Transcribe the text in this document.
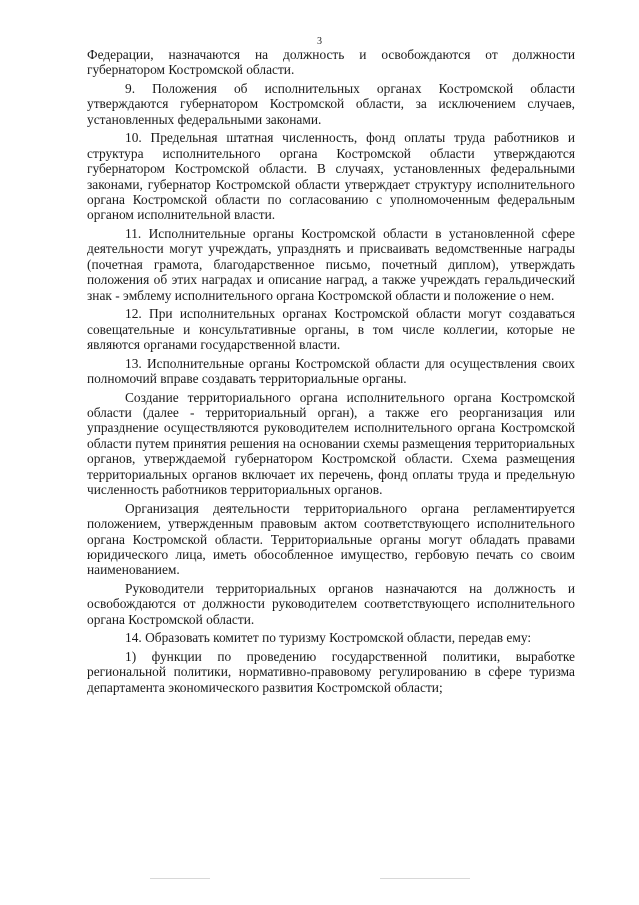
3

Федерации, назначаются на должность и освобождаются от должности губернатором Костромской области.

9. Положения об исполнительных органах Костромской области утверждаются губернатором Костромской области, за исключением случаев, установленных федеральными законами.

10. Предельная штатная численность, фонд оплаты труда работников и структура исполнительного органа Костромской области утверждаются губернатором Костромской области. В случаях, установленных федеральными законами, губернатор Костромской области утверждает структуру исполнительного органа Костромской области по согласованию с уполномоченным федеральным органом исполнительной власти.

11. Исполнительные органы Костромской области в установленной сфере деятельности могут учреждать, упразднять и присваивать ведомственные награды (почетная грамота, благодарственное письмо, почетный диплом), утверждать положения об этих наградах и описание наград, а также учреждать геральдический знак - эмблему исполнительного органа Костромской области и положение о нем.

12. При исполнительных органах Костромской области могут создаваться совещательные и консультативные органы, в том числе коллегии, которые не являются органами государственной власти.

13. Исполнительные органы Костромской области для осуществления своих полномочий вправе создавать территориальные органы.

Создание территориального органа исполнительного органа Костромской области (далее - территориальный орган), а также его реорганизация или упразднение осуществляются руководителем исполнительного органа Костромской области путем принятия решения на основании схемы размещения территориальных органов, утверждаемой губернатором Костромской области. Схема размещения территориальных органов включает их перечень, фонд оплаты труда и предельную численность работников территориальных органов.

Организация деятельности территориального органа регламентируется положением, утвержденным правовым актом соответствующего исполнительного органа Костромской области. Территориальные органы могут обладать правами юридического лица, иметь обособленное имущество, гербовую печать со своим наименованием.

Руководители территориальных органов назначаются на должность и освобождаются от должности руководителем соответствующего исполнительного органа Костромской области.

14. Образовать комитет по туризму Костромской области, передав ему:

1) функции по проведению государственной политики, выработке региональной политики, нормативно-правовому регулированию в сфере туризма департамента экономического развития Костромской области;
